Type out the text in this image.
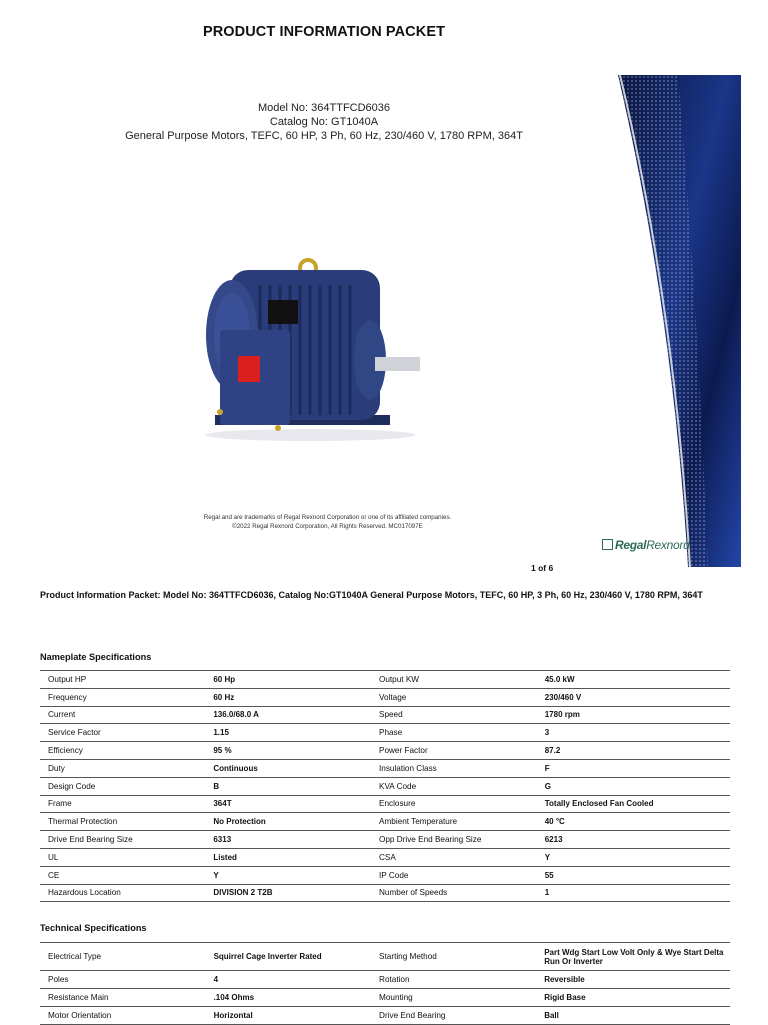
PRODUCT INFORMATION PACKET
Model No: 364TTFCD6036
Catalog No: GT1040A
General Purpose Motors, TEFC, 60 HP, 3 Ph, 60 Hz, 230/460 V, 1780 RPM, 364T
Regal and are trademarks of Regal Rexnord Corporation or one of its affiliated companies.
©2022 Regal Rexnord Corporation, All Rights Reserved. MC017097E
RegalRexnord
1 of 6
Product Information Packet: Model No: 364TTFCD6036, Catalog No:GT1040A General Purpose Motors, TEFC, 60 HP, 3 Ph, 60 Hz, 230/460 V, 1780 RPM, 364T
Nameplate Specifications
Output HP	60 Hp	Output KW	45.0 kW
Frequency	60 Hz	Voltage	230/460 V
Current	136.0/68.0 A	Speed	1780 rpm
Service Factor	1.15	Phase	3
Efficiency	95 %	Power Factor	87.2
Duty	Continuous	Insulation Class	F
Design Code	B	KVA Code	G
Frame	364T	Enclosure	Totally Enclosed Fan Cooled
Thermal Protection	No Protection	Ambient Temperature	40 °C
Drive End Bearing Size	6313	Opp Drive End Bearing Size	6213
UL	Listed	CSA	Y
CE	Y	IP Code	55
Hazardous Location	DIVISION 2 T2B	Number of Speeds	1
Technical Specifications
Electrical Type	Squirrel Cage Inverter Rated	Starting Method	Part Wdg Start Low Volt Only & Wye Start Delta Run Or Inverter
Poles	4	Rotation	Reversible
Resistance Main	.104 Ohms	Mounting	Rigid Base
Motor Orientation	Horizontal	Drive End Bearing	Ball
